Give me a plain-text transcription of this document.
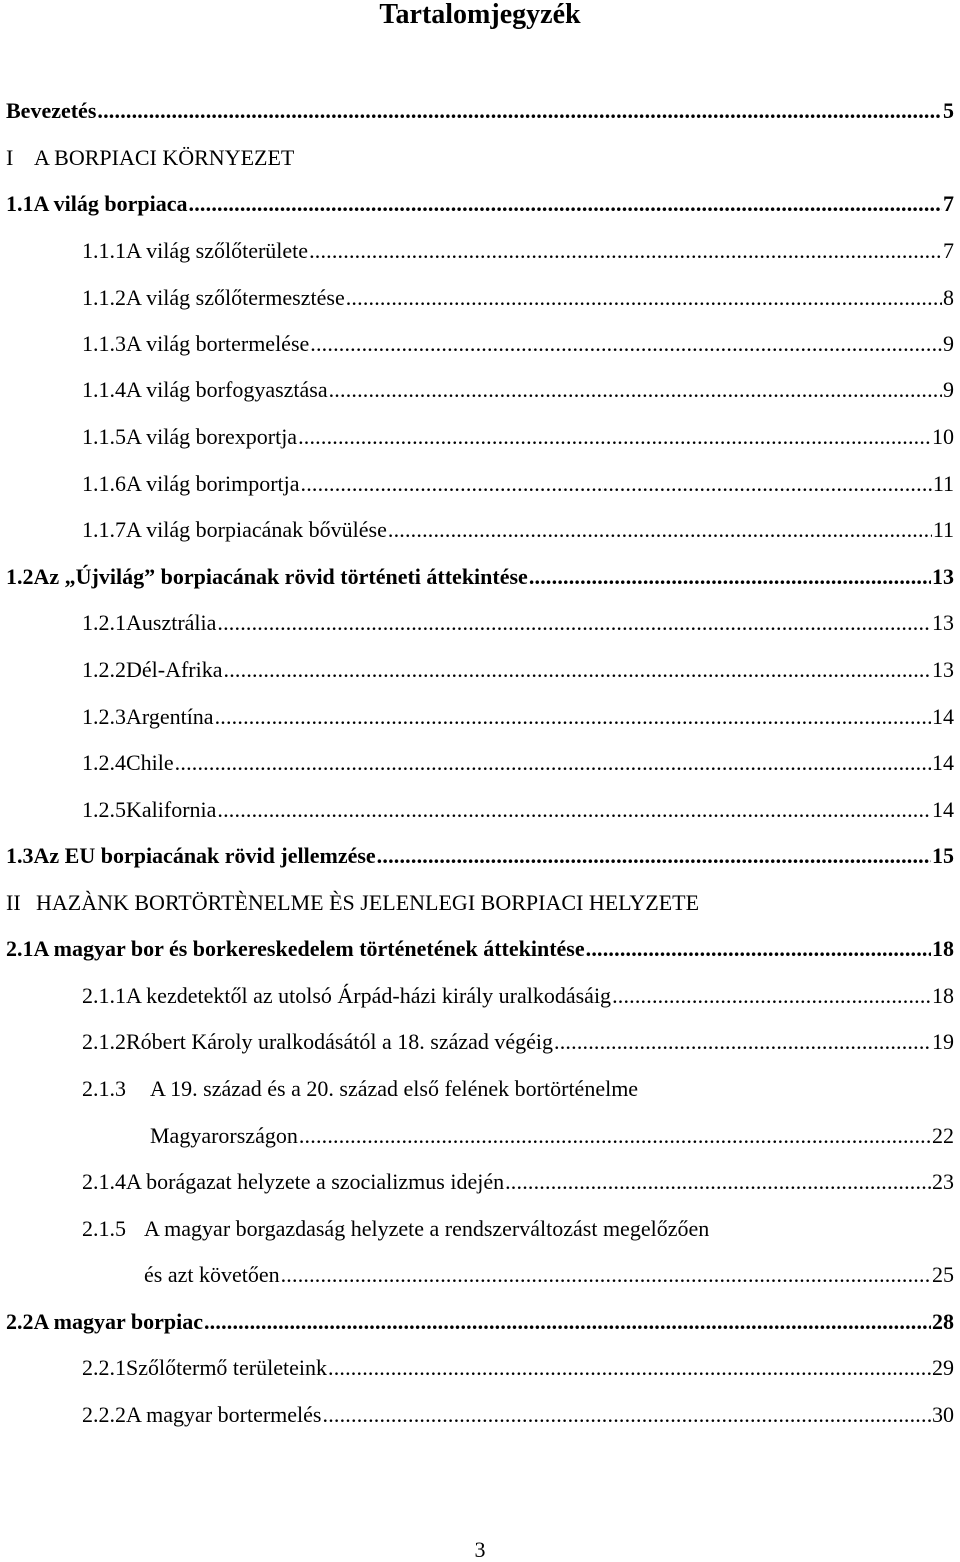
Tartalomjegyzék
Bevezetés .....	5
I A BORPIACI KÖRNYEZET
1.1 A világ borpiaca .....	7
1.1.1 A világ szőlőterülete .....	7
1.1.2 A világ szőlőtermesztése .....	8
1.1.3 A világ bortermelése .....	9
1.1.4 A világ borfogyasztása .....	9
1.1.5 A világ borexportja .....	10
1.1.6 A világ borimportja .....	11
1.1.7 A világ borpiacának bővülése .....	11
1.2 Az „Újvilág” borpiacának rövid történeti áttekintése .....	13
1.2.1 Ausztrália .....	13
1.2.2 Dél-Afrika .....	13
1.2.3 Argentína .....	14
1.2.4 Chile .....	14
1.2.5 Kalifornia .....	14
1.3 Az EU borpiacának rövid jellemzése .....	15
II HAZÀNK BORTÖRTÈNELME ÈS JELENLEGI BORPIACI HELYZETE
2.1 A magyar bor és borkereskedelem történetének áttekintése .....	18
2.1.1 A kezdetektől az utolsó Árpád-házi király uralkodásáig .....	18
2.1.2 Róbert Károly uralkodásától a 18. század végéig .....	19
2.1.3	A 19. század és a 20. század első felének bortörténelme
Magyarországon .....	22
2.1.4 A borágazat helyzete a szocializmus idején .....	23
2.1.5 A magyar borgazdaság helyzete a rendszerváltozást megelőzően
és azt követően .....	25
2.2 A magyar borpiac .....	28
2.2.1 Szőlőtermő területeink .....	29
2.2.2 A magyar bortermelés .....	30
3
